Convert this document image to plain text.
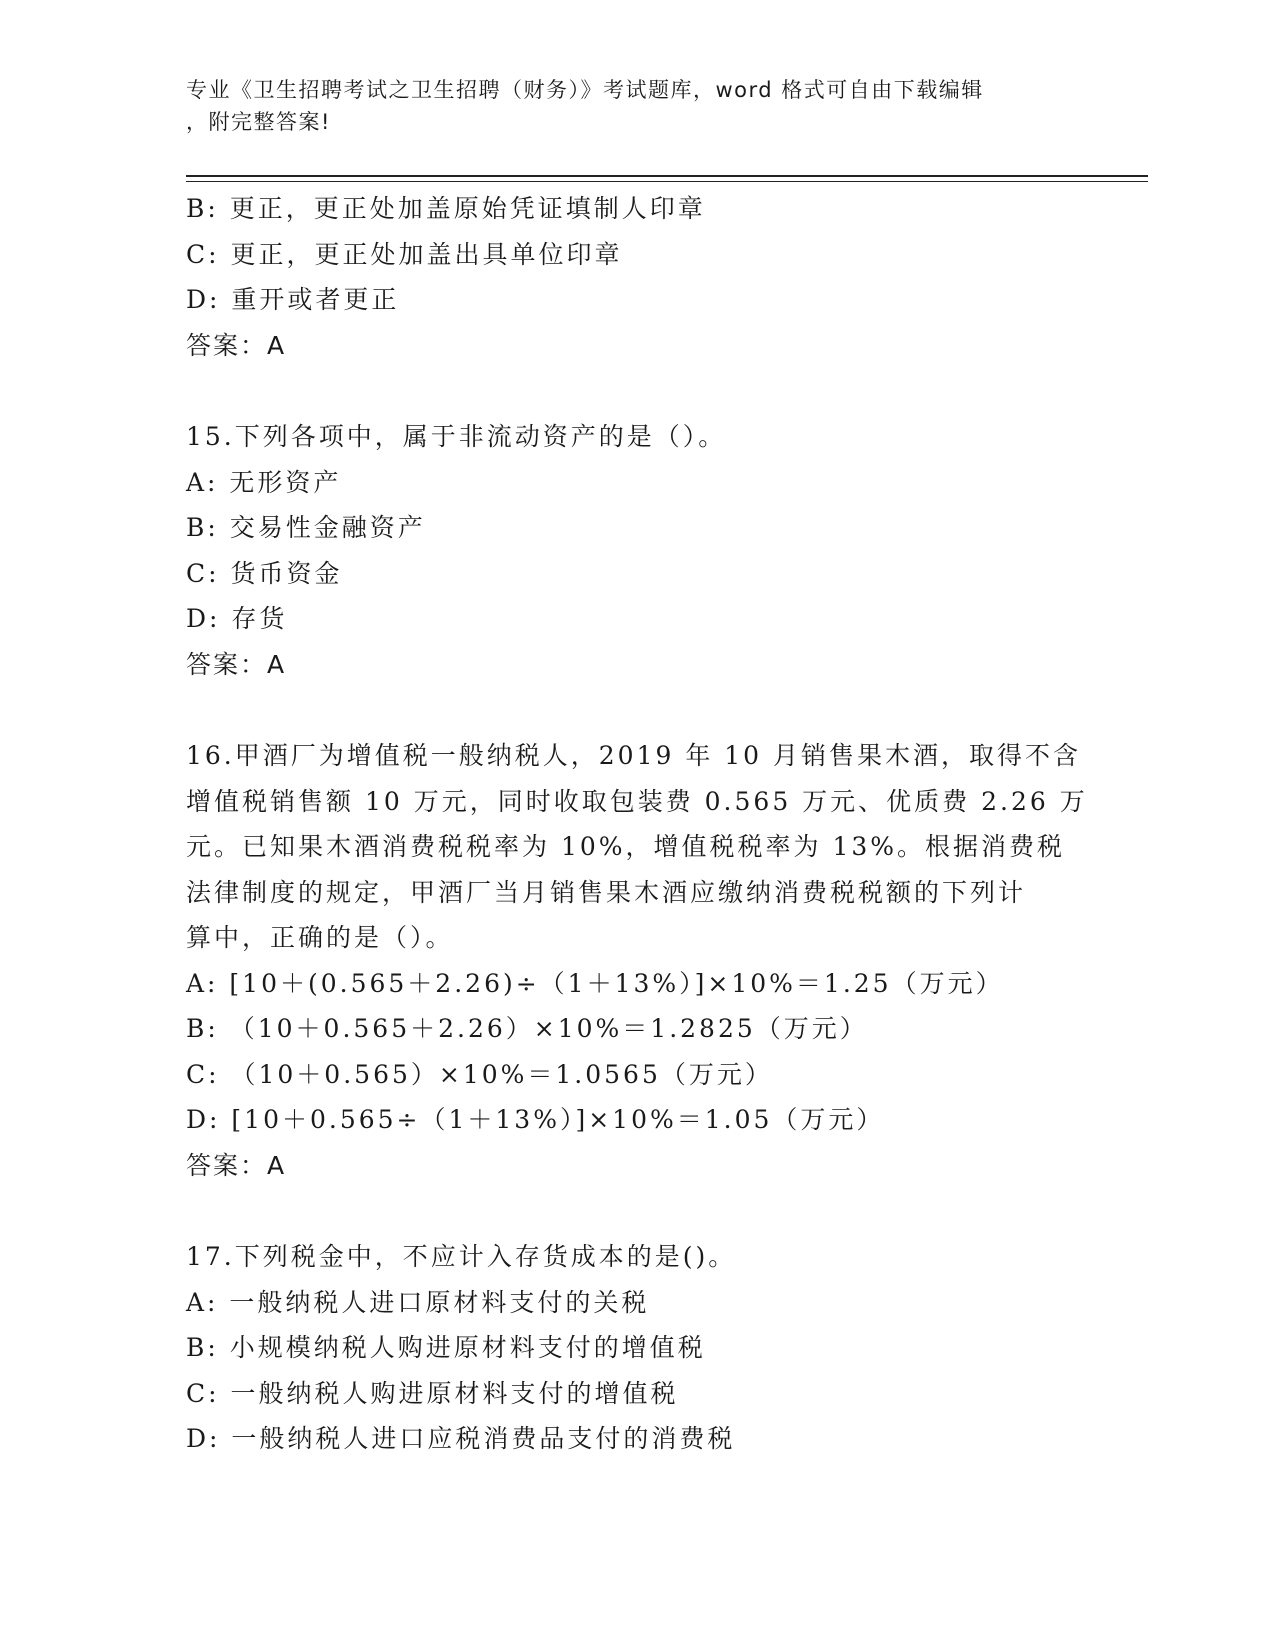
专业《卫生招聘考试之卫生招聘（财务）》考试题库，word 格式可自由下载编辑
，附完整答案!
B: 更正，更正处加盖原始凭证填制人印章
C: 更正，更正处加盖出具单位印章
D: 重开或者更正
答案：A
15.下列各项中，属于非流动资产的是（）。
A: 无形资产
B: 交易性金融资产
C: 货币资金
D: 存货
答案：A
16.甲酒厂为增值税一般纳税人，2019 年 10 月销售果木酒，取得不含
增值税销售额 10 万元，同时收取包装费 0.565 万元、优质费 2.26 万
元。已知果木酒消费税税率为 10%，增值税税率为 13%。根据消费税
法律制度的规定，甲酒厂当月销售果木酒应缴纳消费税税额的下列计
算中，正确的是（）。
A: [10＋(0.565＋2.26)÷（1＋13%）]×10%＝1.25（万元）
B: （10＋0.565＋2.26）×10%＝1.2825（万元）
C: （10＋0.565）×10%＝1.0565（万元）
D: [10＋0.565÷（1＋13%）]×10%＝1.05（万元）
答案：A
17.下列税金中，不应计入存货成本的是()。
A: 一般纳税人进口原材料支付的关税
B: 小规模纳税人购进原材料支付的增值税
C: 一般纳税人购进原材料支付的增值税
D: 一般纳税人进口应税消费品支付的消费税
